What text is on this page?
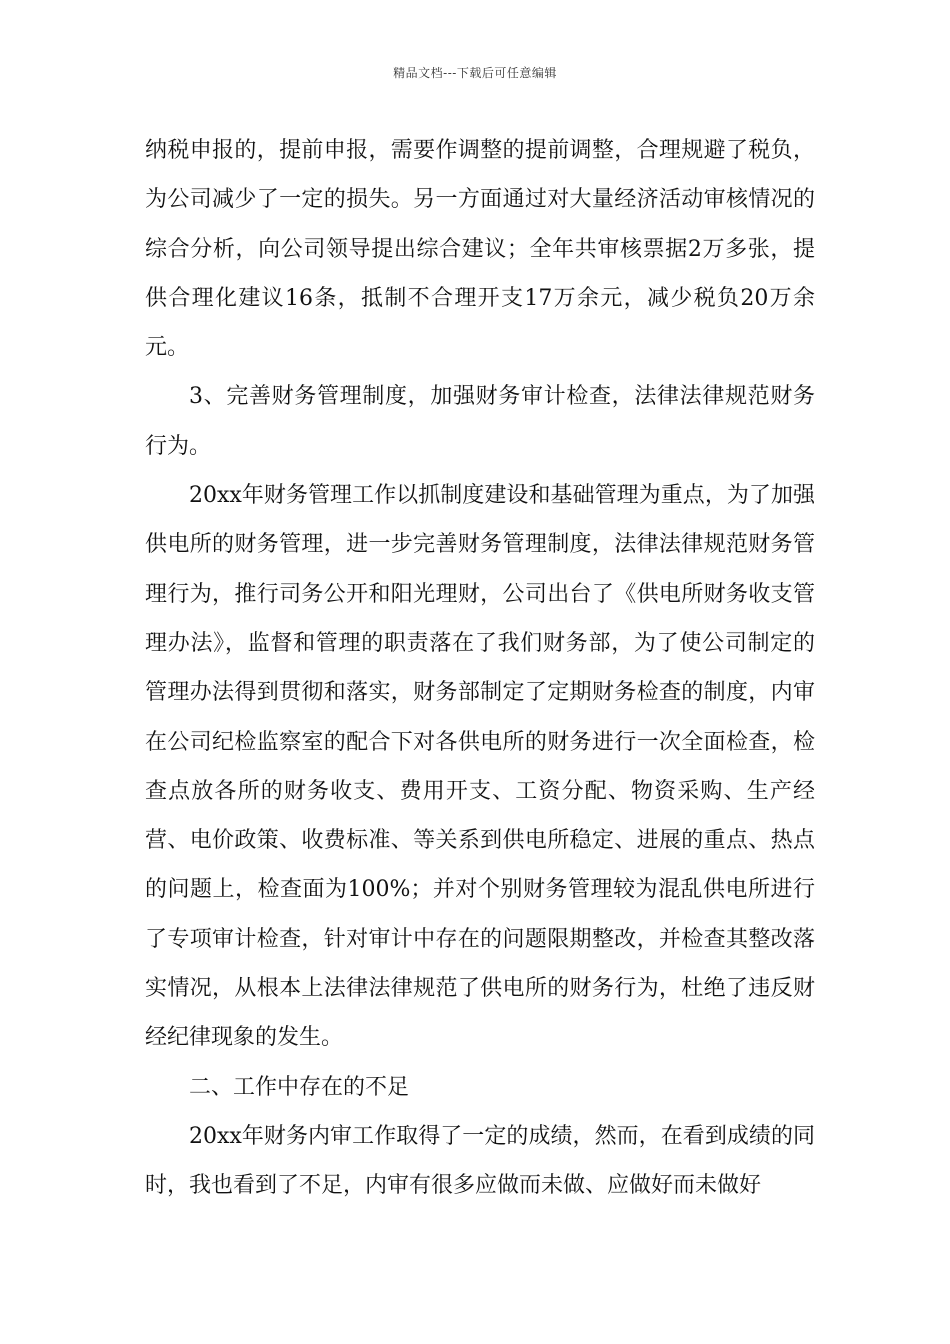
精品文档---下载后可任意编辑

纳税申报的，提前申报，需要作调整的提前调整，合理规避了税负，为公司减少了一定的损失。另一方面通过对大量经济活动审核情况的综合分析，向公司领导提出综合建议；全年共审核票据2万多张，提供合理化建议16条，抵制不合理开支17万余元，减少税负20万余元。

3、完善财务管理制度，加强财务审计检查，法律法律规范财务行为。

20xx年财务管理工作以抓制度建设和基础管理为重点，为了加强供电所的财务管理，进一步完善财务管理制度，法律法律规范财务管理行为，推行司务公开和阳光理财，公司出台了《供电所财务收支管理办法》，监督和管理的职责落在了我们财务部，为了使公司制定的管理办法得到贯彻和落实，财务部制定了定期财务检查的制度，内审在公司纪检监察室的配合下对各供电所的财务进行一次全面检查，检查点放各所的财务收支、费用开支、工资分配、物资采购、生产经营、电价政策、收费标准、等关系到供电所稳定、进展的重点、热点的问题上，检查面为100%；并对个别财务管理较为混乱供电所进行了专项审计检查，针对审计中存在的问题限期整改，并检查其整改落实情况，从根本上法律法律规范了供电所的财务行为，杜绝了违反财经纪律现象的发生。

二、工作中存在的不足

20xx年财务内审工作取得了一定的成绩，然而，在看到成绩的同时，我也看到了不足，内审有很多应做而未做、应做好而未做好
